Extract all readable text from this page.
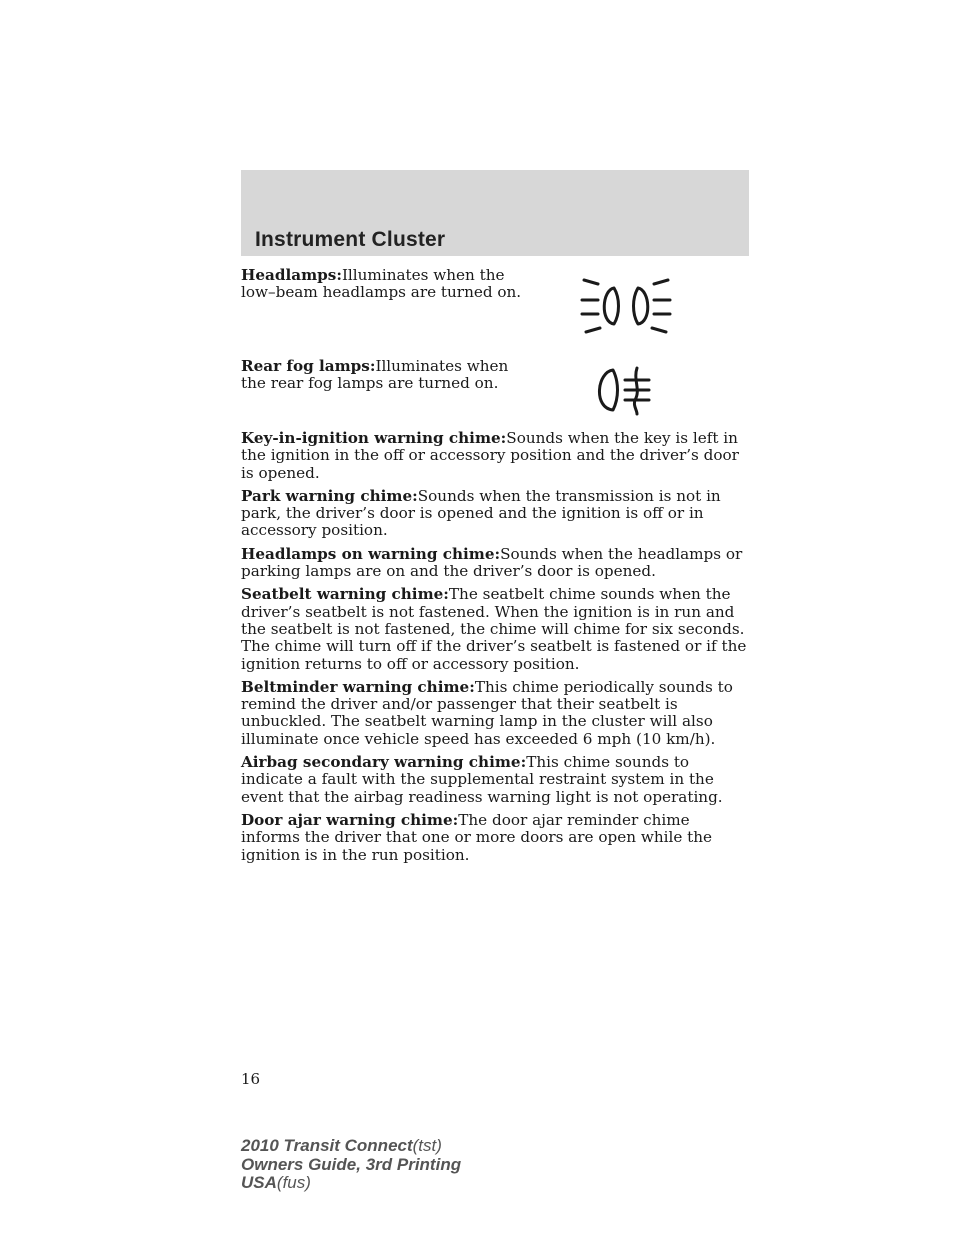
Instrument Cluster
Headlamps:Illuminates when the low–beam headlamps are turned on.
Rear fog lamps:Illuminates when the rear fog lamps are turned on.

Key-in-ignition warning chime:Sounds when the key is left in the ignition in the off or accessory position and the driver’s door is opened.

Park warning chime:Sounds when the transmission is not in park, the driver’s door is opened and the ignition is off or in accessory position.

Headlamps on warning chime:Sounds when the headlamps or parking lamps are on and the driver’s door is opened.

Seatbelt warning chime:The seatbelt chime sounds when the driver’s seatbelt is not fastened. When the ignition is in run and the seatbelt is not fastened, the chime will chime for six seconds. The chime will turn off if the driver’s seatbelt is fastened or if the ignition returns to off or accessory position.

Beltminder warning chime:This chime periodically sounds to remind the driver and/or passenger that their seatbelt is unbuckled. The seatbelt warning lamp in the cluster will also illuminate once vehicle speed has exceeded 6 mph (10 km/h).

Airbag secondary warning chime:This chime sounds to indicate a fault with the supplemental restraint system in the event that the airbag readiness warning light is not operating.

Door ajar warning chime:The door ajar reminder chime informs the driver that one or more doors are open while the ignition is in the run position.

16
2010 Transit Connect(tst)
Owners Guide, 3rd Printing
USA(fus)
